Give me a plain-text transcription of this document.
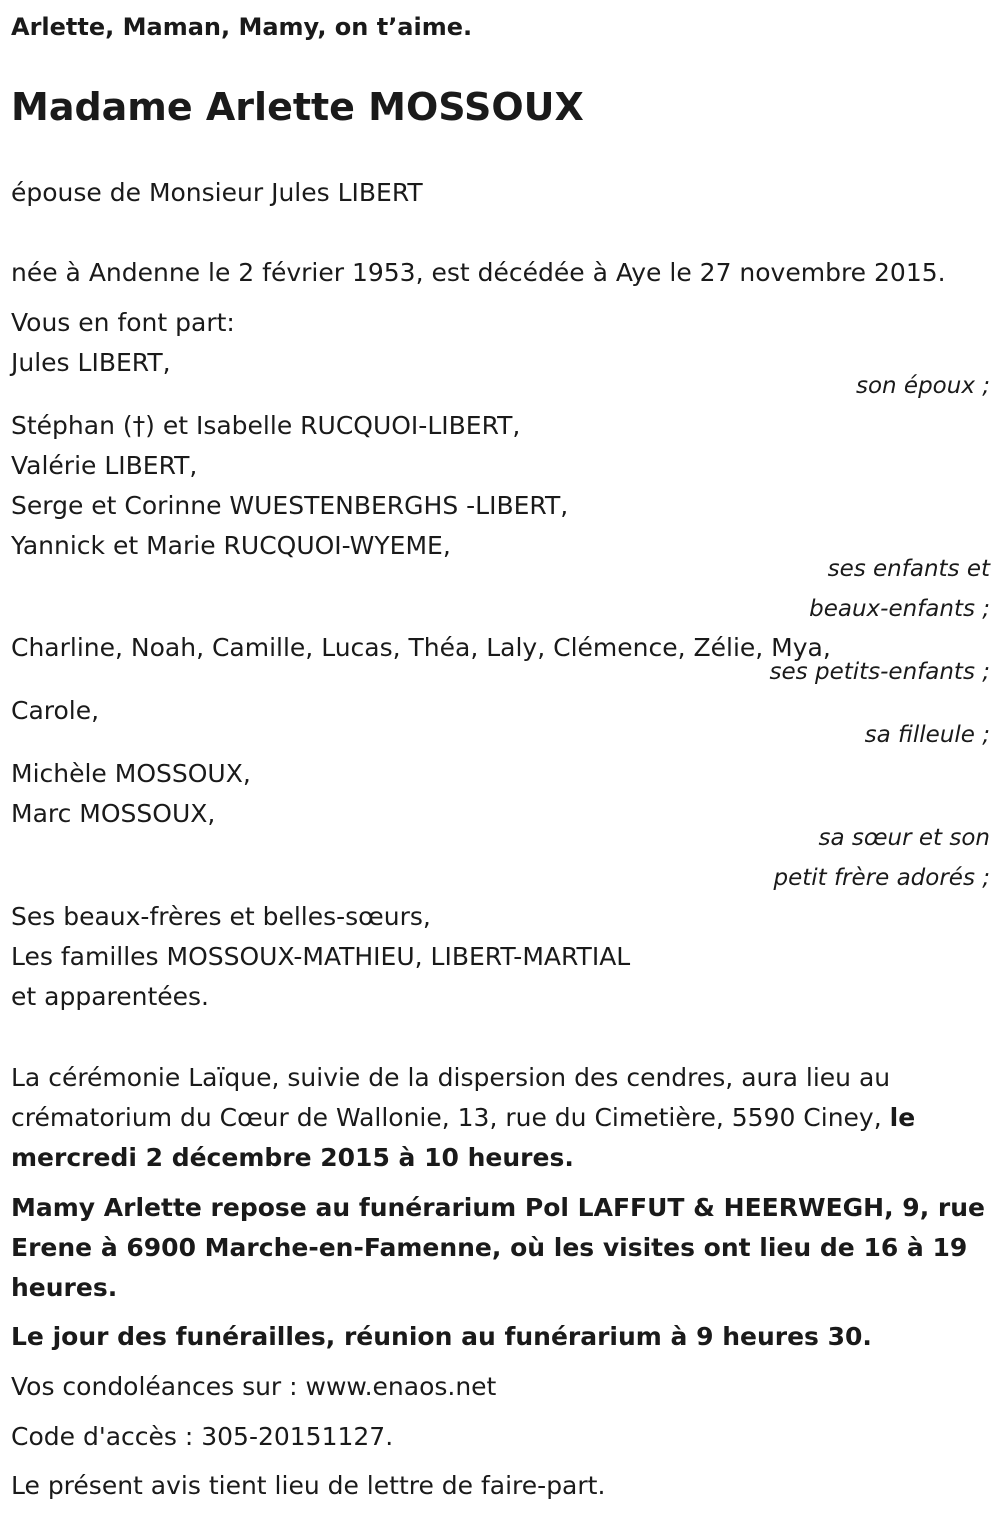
Arlette, Maman, Mamy, on t’aime.

Madame Arlette MOSSOUX

épouse de Monsieur Jules LIBERT

née à Andenne le 2 février 1953, est décédée à Aye le 27 novembre 2015.

Vous en font part:

Jules LIBERT,

son époux ;

Stéphan (†) et Isabelle RUCQUOI-LIBERT,

Valérie LIBERT,

Serge et Corinne WUESTENBERGHS -LIBERT,

Yannick et Marie RUCQUOI-WYEME,

ses enfants et

beaux-enfants ;

Charline, Noah, Camille, Lucas, Théa, Laly, Clémence, Zélie, Mya,

ses petits-enfants ;

Carole,

sa filleule ;

Michèle MOSSOUX,

Marc MOSSOUX,

sa sœur et son

petit frère adorés ;

Ses beaux-frères et belles-sœurs,

Les familles MOSSOUX-MATHIEU, LIBERT-MARTIAL

et apparentées.

La cérémonie Laïque, suivie de la dispersion des cendres, aura lieu au crématorium du Cœur de Wallonie, 13, rue du Cimetière, 5590 Ciney, le mercredi 2 décembre 2015 à 10 heures.

Mamy Arlette repose au funérarium Pol LAFFUT & HEERWEGH, 9, rue Erene à 6900 Marche-en-Famenne, où les visites ont lieu de 16 à 19 heures.

Le jour des funérailles, réunion au funérarium à 9 heures 30.

Vos condoléances sur : www.enaos.net

Code d'accès : 305-20151127.

Le présent avis tient lieu de lettre de faire-part.
